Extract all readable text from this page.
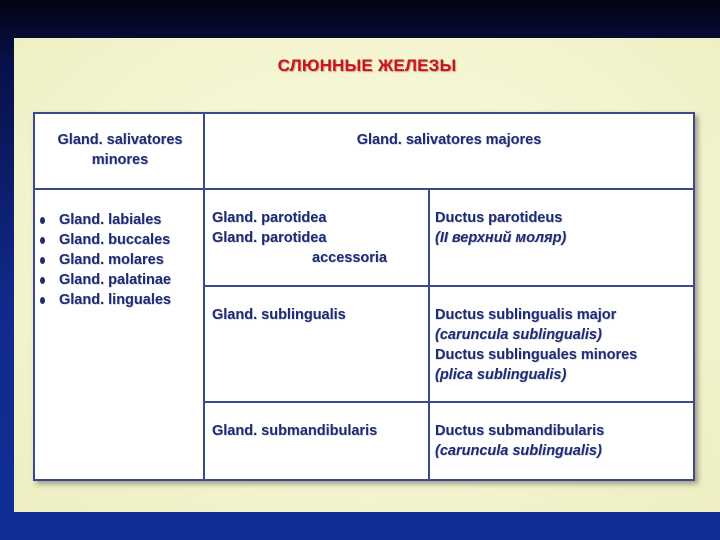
СЛЮННЫЕ ЖЕЛЕЗЫ
Gland. salivatores minores
Gland. salivatores majores
Gland. labiales
Gland. buccales
Gland. molares
Gland. palatinae
Gland. linguales
Gland. parotidea
Gland. parotidea

accessoria
Ductus parotideus
(II верхний моляр)
Gland. sublingualis	Ductus sublingualis major
(caruncula sublingualis)
Ductus sublinguales minores
(plica sublingualis)
Gland. submandibularis	Ductus submandibularis
(caruncula sublingualis)
